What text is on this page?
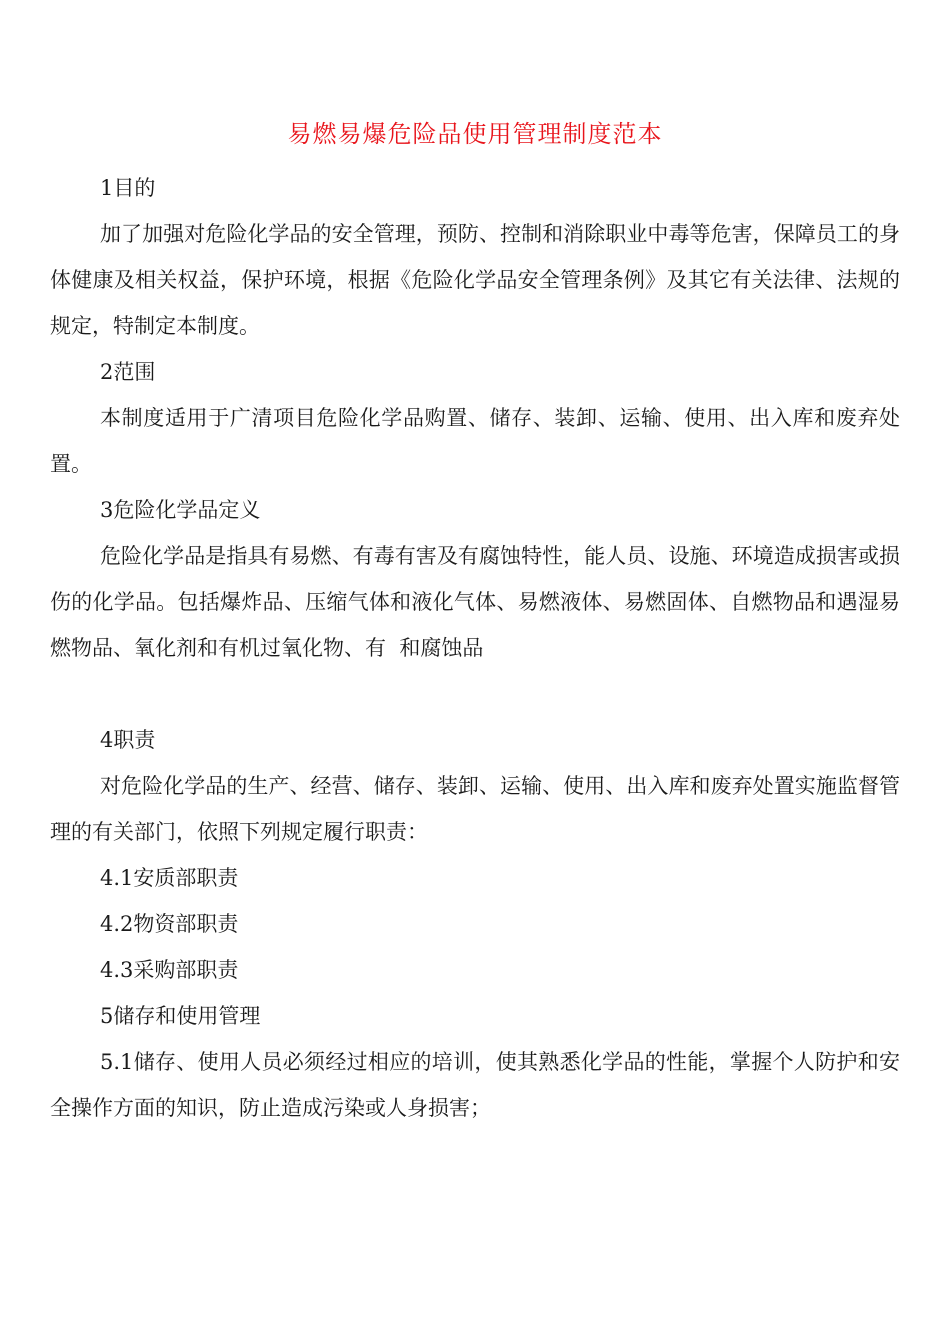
易燃易爆危险品使用管理制度范本

1目的

加了加强对危险化学品的安全管理，预防、控制和消除职业中毒等危害，保障员工的身体健康及相关权益，保护环境，根据《危险化学品安全管理条例》及其它有关法律、法规的规定，特制定本制度。

2范围

本制度适用于广清项目危险化学品购置、储存、装卸、运输、使用、出入库和废弃处置。

3危险化学品定义

危险化学品是指具有易燃、有毒有害及有腐蚀特性，能人员、设施、环境造成损害或损伤的化学品。包括爆炸品、压缩气体和液化气体、易燃液体、易燃固体、自燃物品和遇湿易燃物品、氧化剂和有机过氧化物、有  和腐蚀品

4职责

对危险化学品的生产、经营、储存、装卸、运输、使用、出入库和废弃处置实施监督管理的有关部门，依照下列规定履行职责：

4.1安质部职责

4.2物资部职责

4.3采购部职责

5储存和使用管理

5.1储存、使用人员必须经过相应的培训，使其熟悉化学品的性能，掌握个人防护和安全操作方面的知识，防止造成污染或人身损害；
